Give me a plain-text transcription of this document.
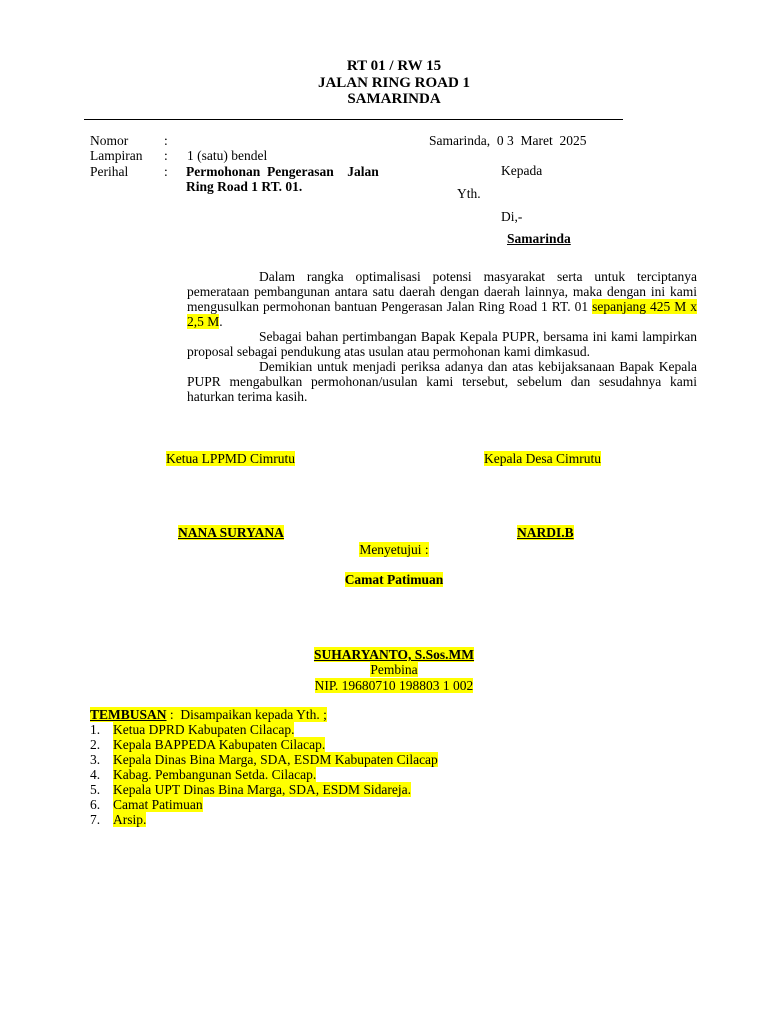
RT 01 / RW 15
JALAN RING ROAD 1
SAMARINDA
Nomor	:
Lampiran : 1 (satu) bendel
Perihal	: Permohonan  Pengerasan    Jalan
Ring Road 1 RT. 01.
Samarinda,  0 3  Maret  2025
Kepada
Yth.
Di,-
Samarinda

Dalam rangka optimalisasi potensi masyarakat serta untuk terciptanya pemerataan pembangunan antara satu daerah dengan daerah lainnya, maka dengan ini kami mengusulkan permohonan bantuan Pengerasan Jalan Ring Road 1 RT. 01 sepanjang 425 M x 2,5 M.

Sebagai bahan pertimbangan Bapak Kepala PUPR, bersama ini kami lampirkan proposal sebagai pendukung atas usulan atau permohonan kami dimkasud.

Demikian untuk menjadi periksa adanya dan atas kebijaksanaan Bapak Kepala PUPR mengabulkan permohonan/usulan kami tersebut, sebelum dan sesudahnya kami haturkan terima kasih.

Ketua LPPMD Cimrutu	Kepala Desa Cimrutu
NANA SURYANA	NARDI.B
Menyetujui :
Camat Patimuan
SUHARYANTO, S.Sos.MM
Pembina
NIP. 19680710 198803 1 002
TEMBUSAN :  Disampaikan kepada Yth. ;
1. Ketua DPRD Kabupaten Cilacap.
2. Kepala BAPPEDA Kabupaten Cilacap.
3. Kepala Dinas Bina Marga, SDA, ESDM Kabupaten Cilacap
4. Kabag. Pembangunan Setda. Cilacap.
5. Kepala UPT Dinas Bina Marga, SDA, ESDM Sidareja.
6. Camat Patimuan
7. Arsip.
